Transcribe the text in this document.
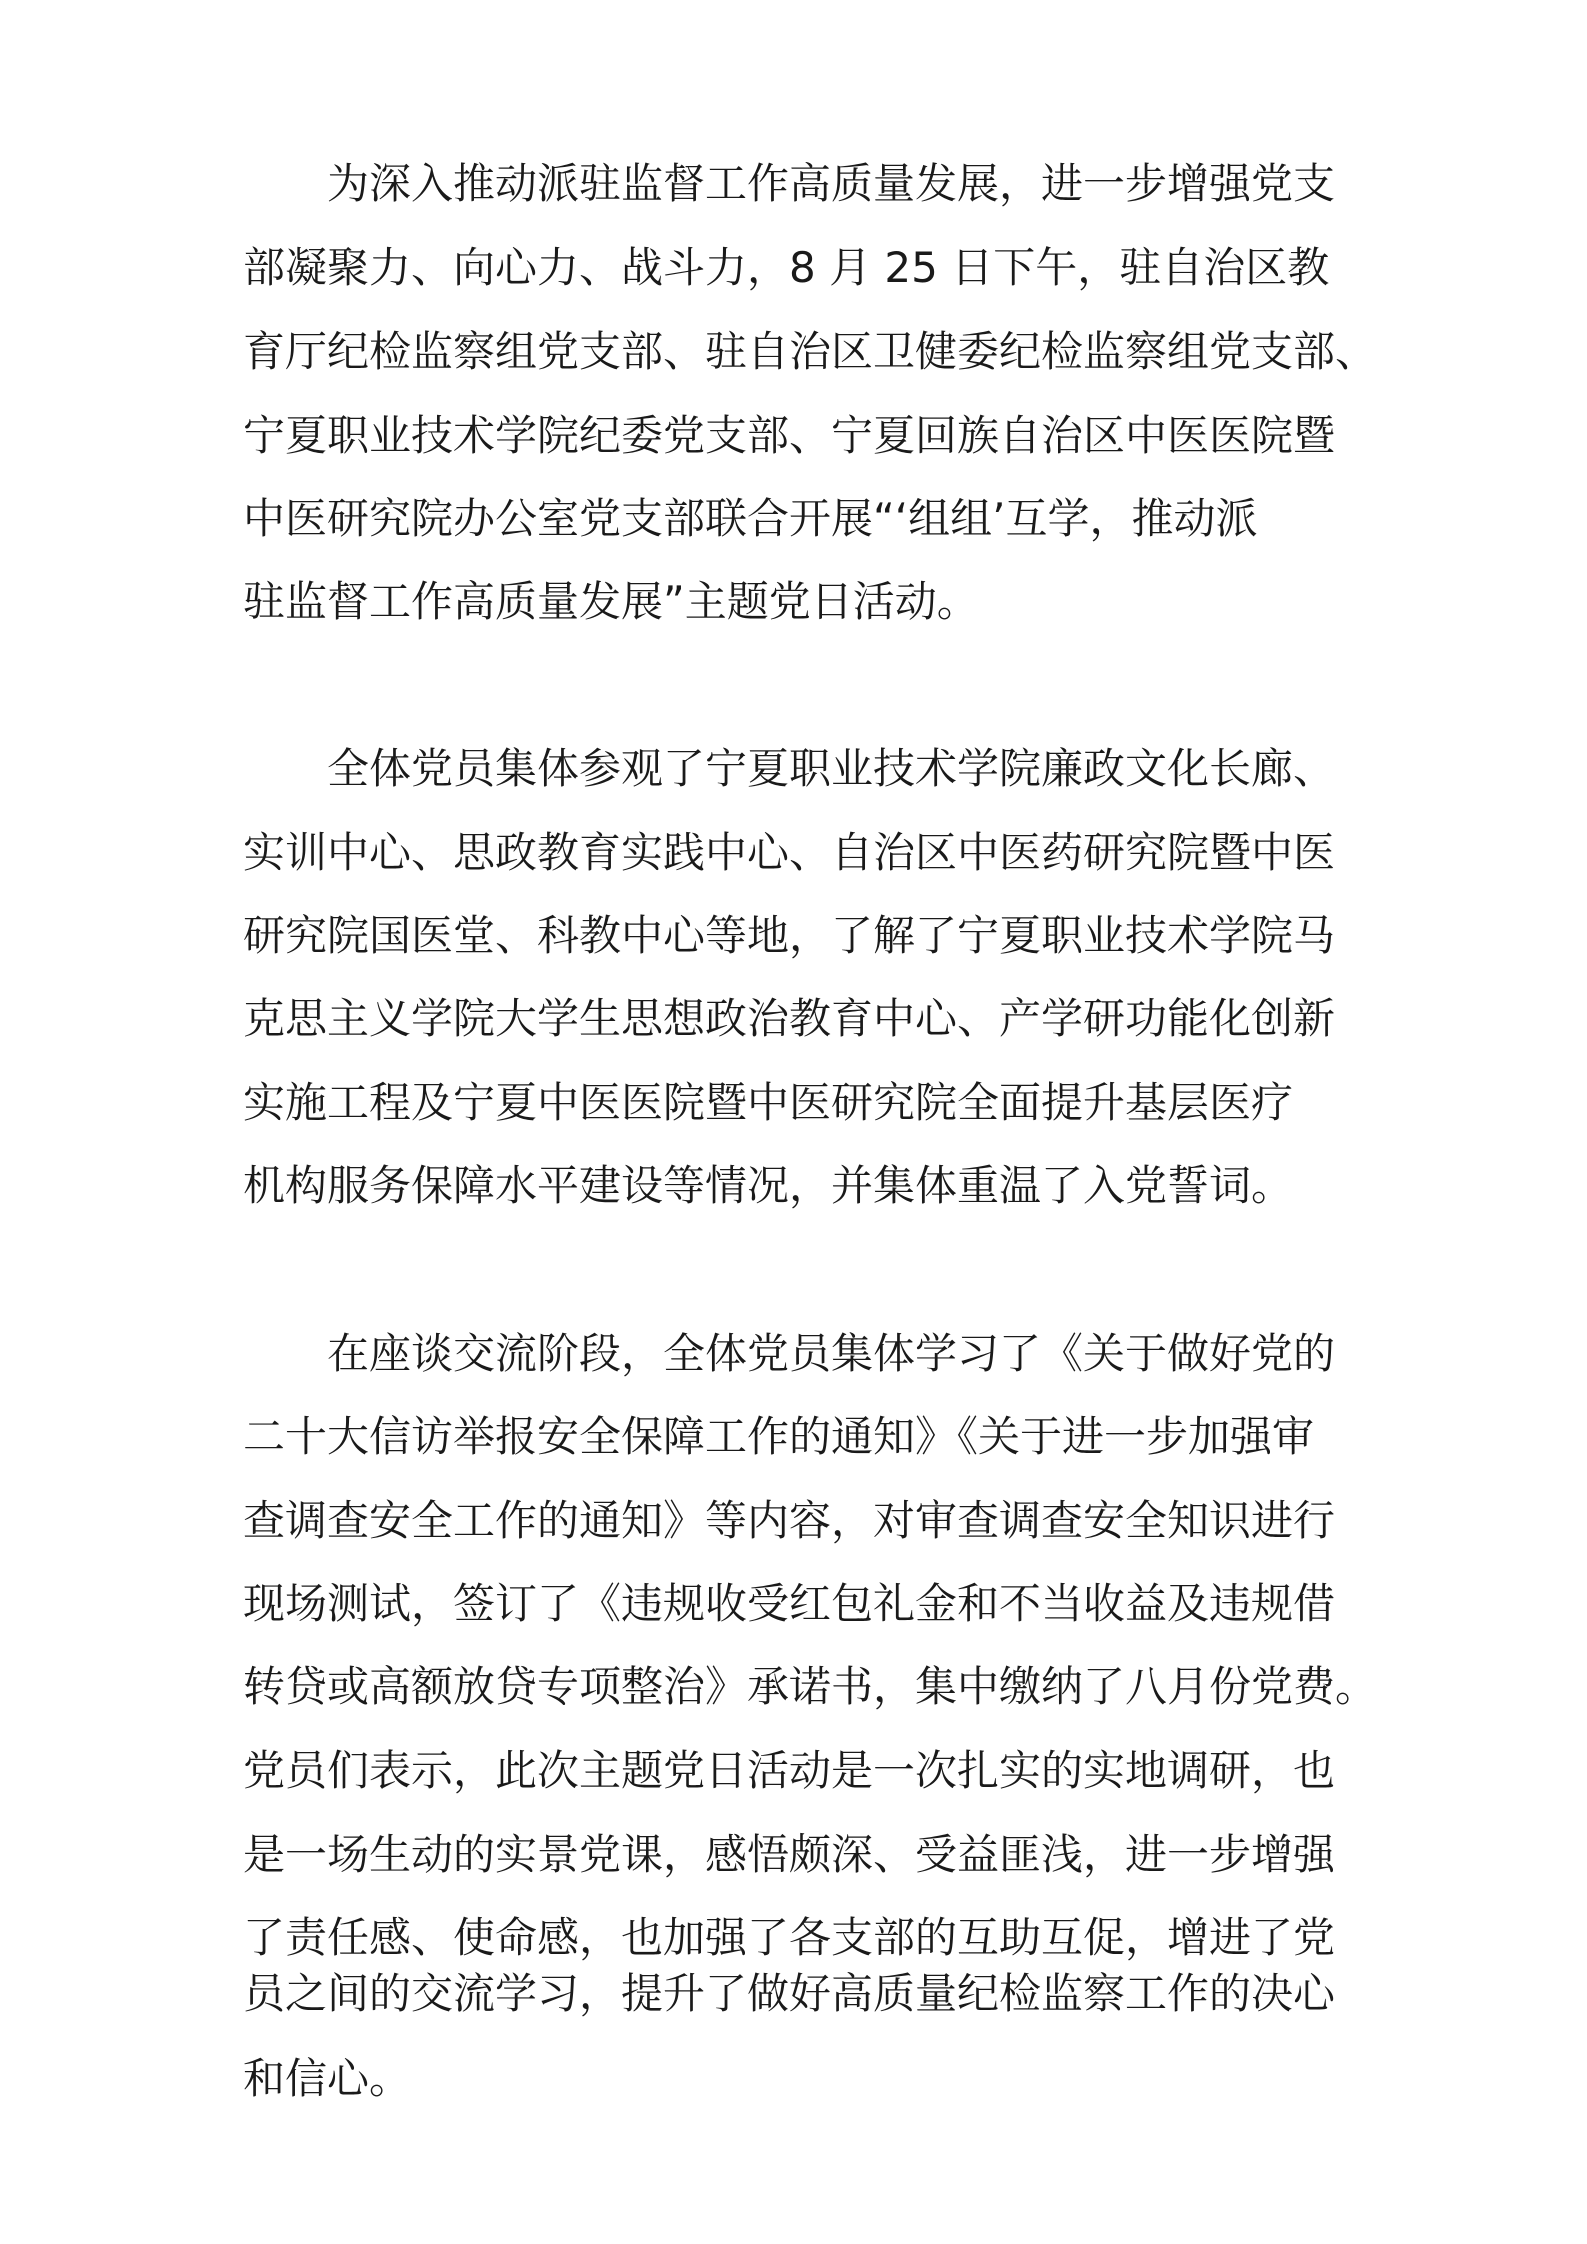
为深入推动派驻监督工作高质量发展，进一步增强党支
部凝聚力、向心力、战斗力，8 月 25 日下午，驻自治区教
育厅纪检监察组党支部、驻自治区卫健委纪检监察组党支部、
宁夏职业技术学院纪委党支部、宁夏回族自治区中医医院暨
中医研究院办公室党支部联合开展“‘组组’互学，推动派
驻监督工作高质量发展”主题党日活动。
全体党员集体参观了宁夏职业技术学院廉政文化长廊、
实训中心、思政教育实践中心、自治区中医药研究院暨中医
研究院国医堂、科教中心等地，了解了宁夏职业技术学院马
克思主义学院大学生思想政治教育中心、产学研功能化创新
实施工程及宁夏中医医院暨中医研究院全面提升基层医疗
机构服务保障水平建设等情况，并集体重温了入党誓词。
在座谈交流阶段，全体党员集体学习了《关于做好党的
二十大信访举报安全保障工作的通知》《关于进一步加强审
查调查安全工作的通知》等内容，对审查调查安全知识进行
现场测试，签订了《违规收受红包礼金和不当收益及违规借
转贷或高额放贷专项整治》承诺书，集中缴纳了八月份党费。
党员们表示，此次主题党日活动是一次扎实的实地调研，也
是一场生动的实景党课，感悟颇深、受益匪浅，进一步增强
了责任感、使命感，也加强了各支部的互助互促，增进了党
员之间的交流学习，提升了做好高质量纪检监察工作的决心
和信心。
